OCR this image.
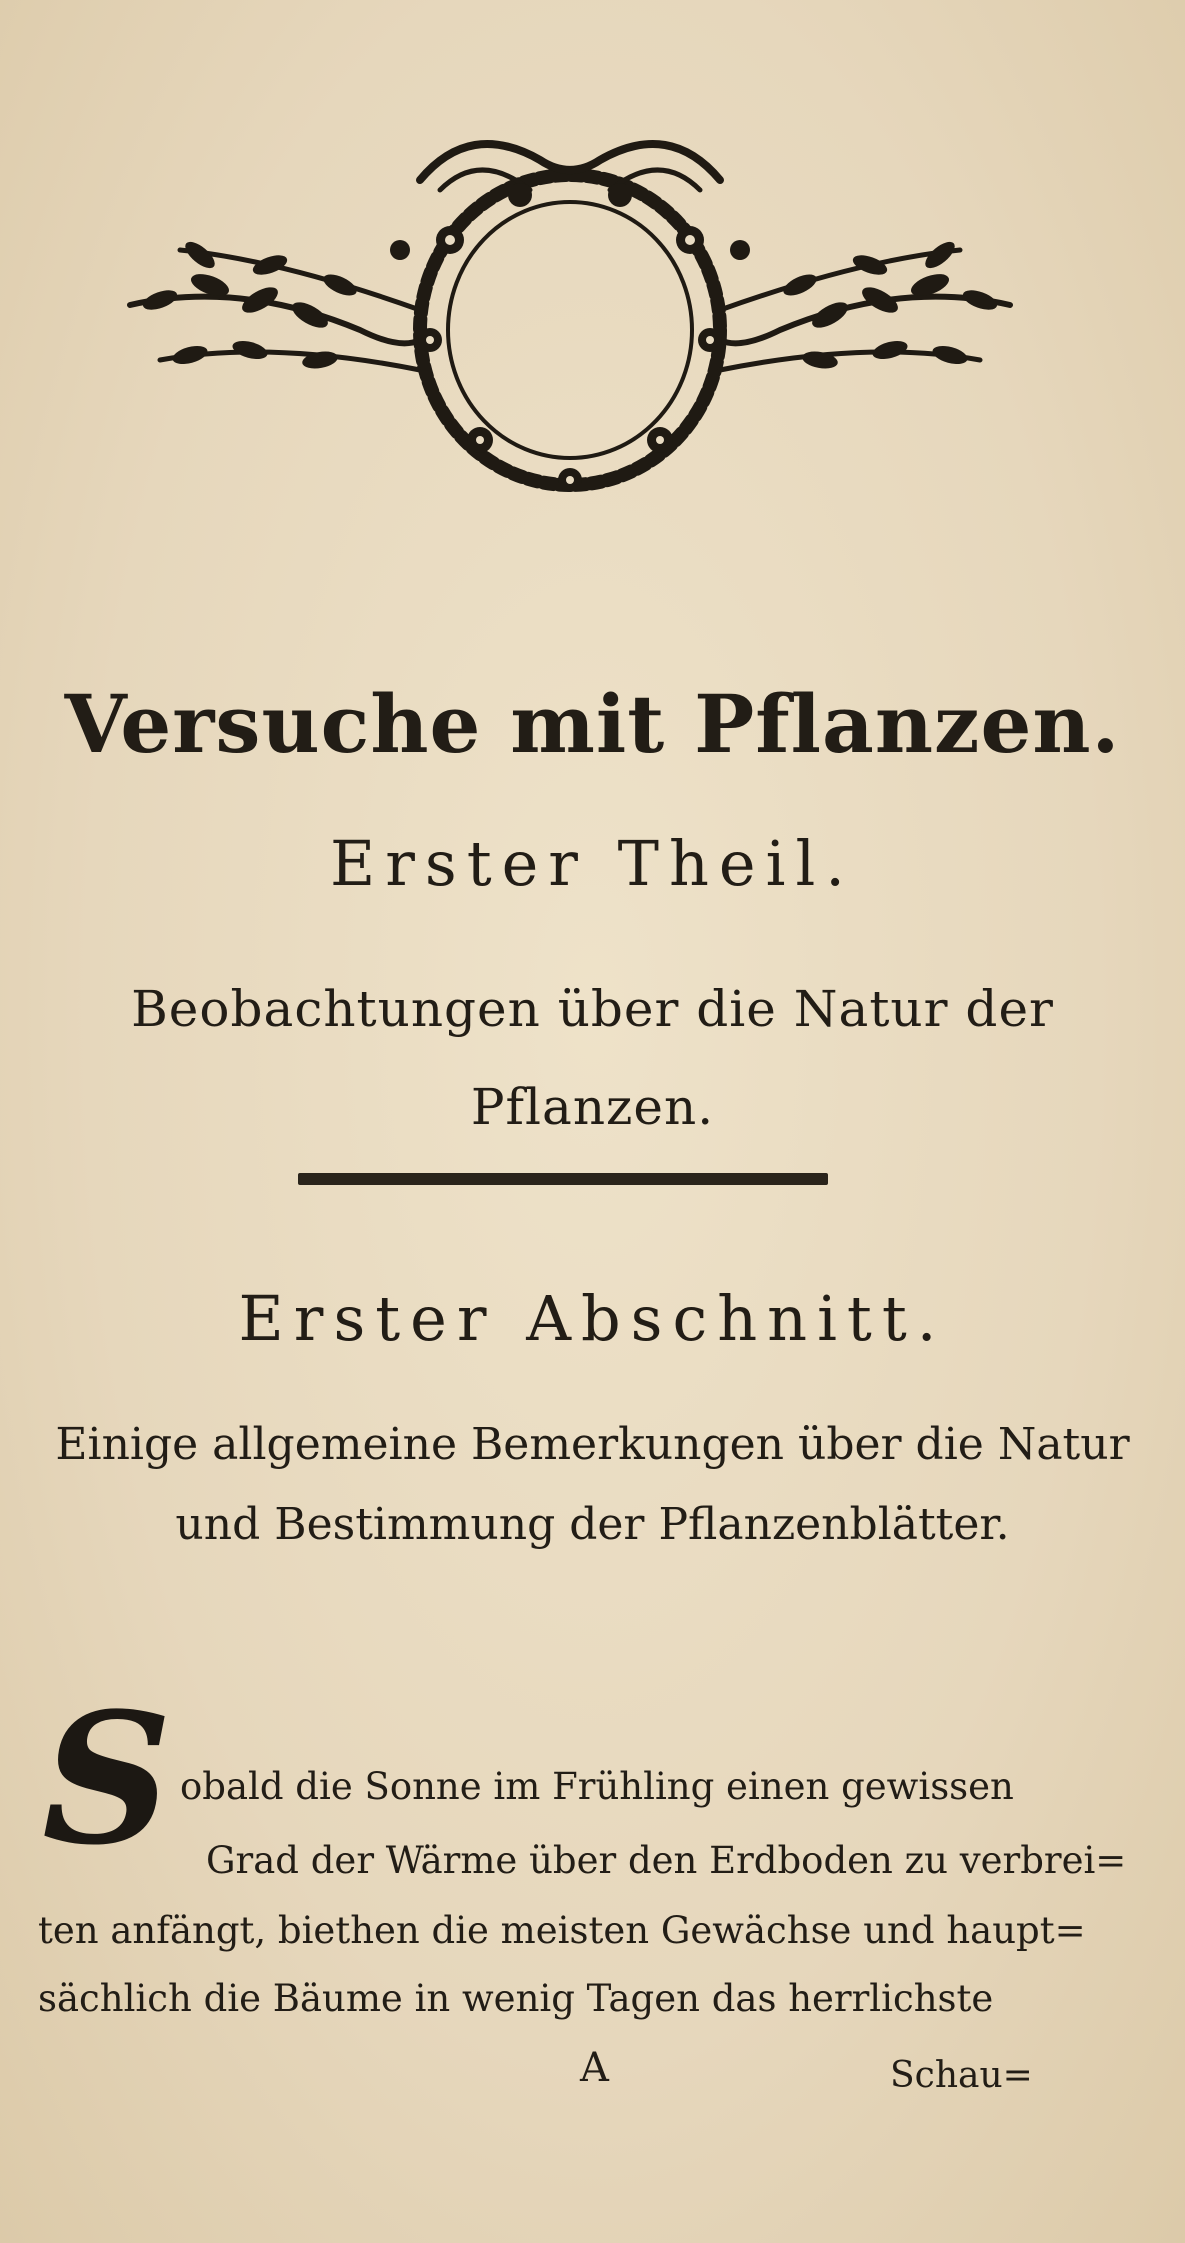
Versuche mit Pflanzen.
Erster Theil.
Beobachtungen über die Natur der Pflanzen.
Erster Abschnitt.
Einige allgemeine Bemerkungen über die Natur und Bestimmung der Pflanzenblätter.
S obald die Sonne im Frühling einen gewissen
Grad der Wärme über den Erdboden zu verbrei=
ten anfängt, biethen die meisten Gewächse und haupt=
sächlich die Bäume in wenig Tagen das herrlichste
A	Schau=
